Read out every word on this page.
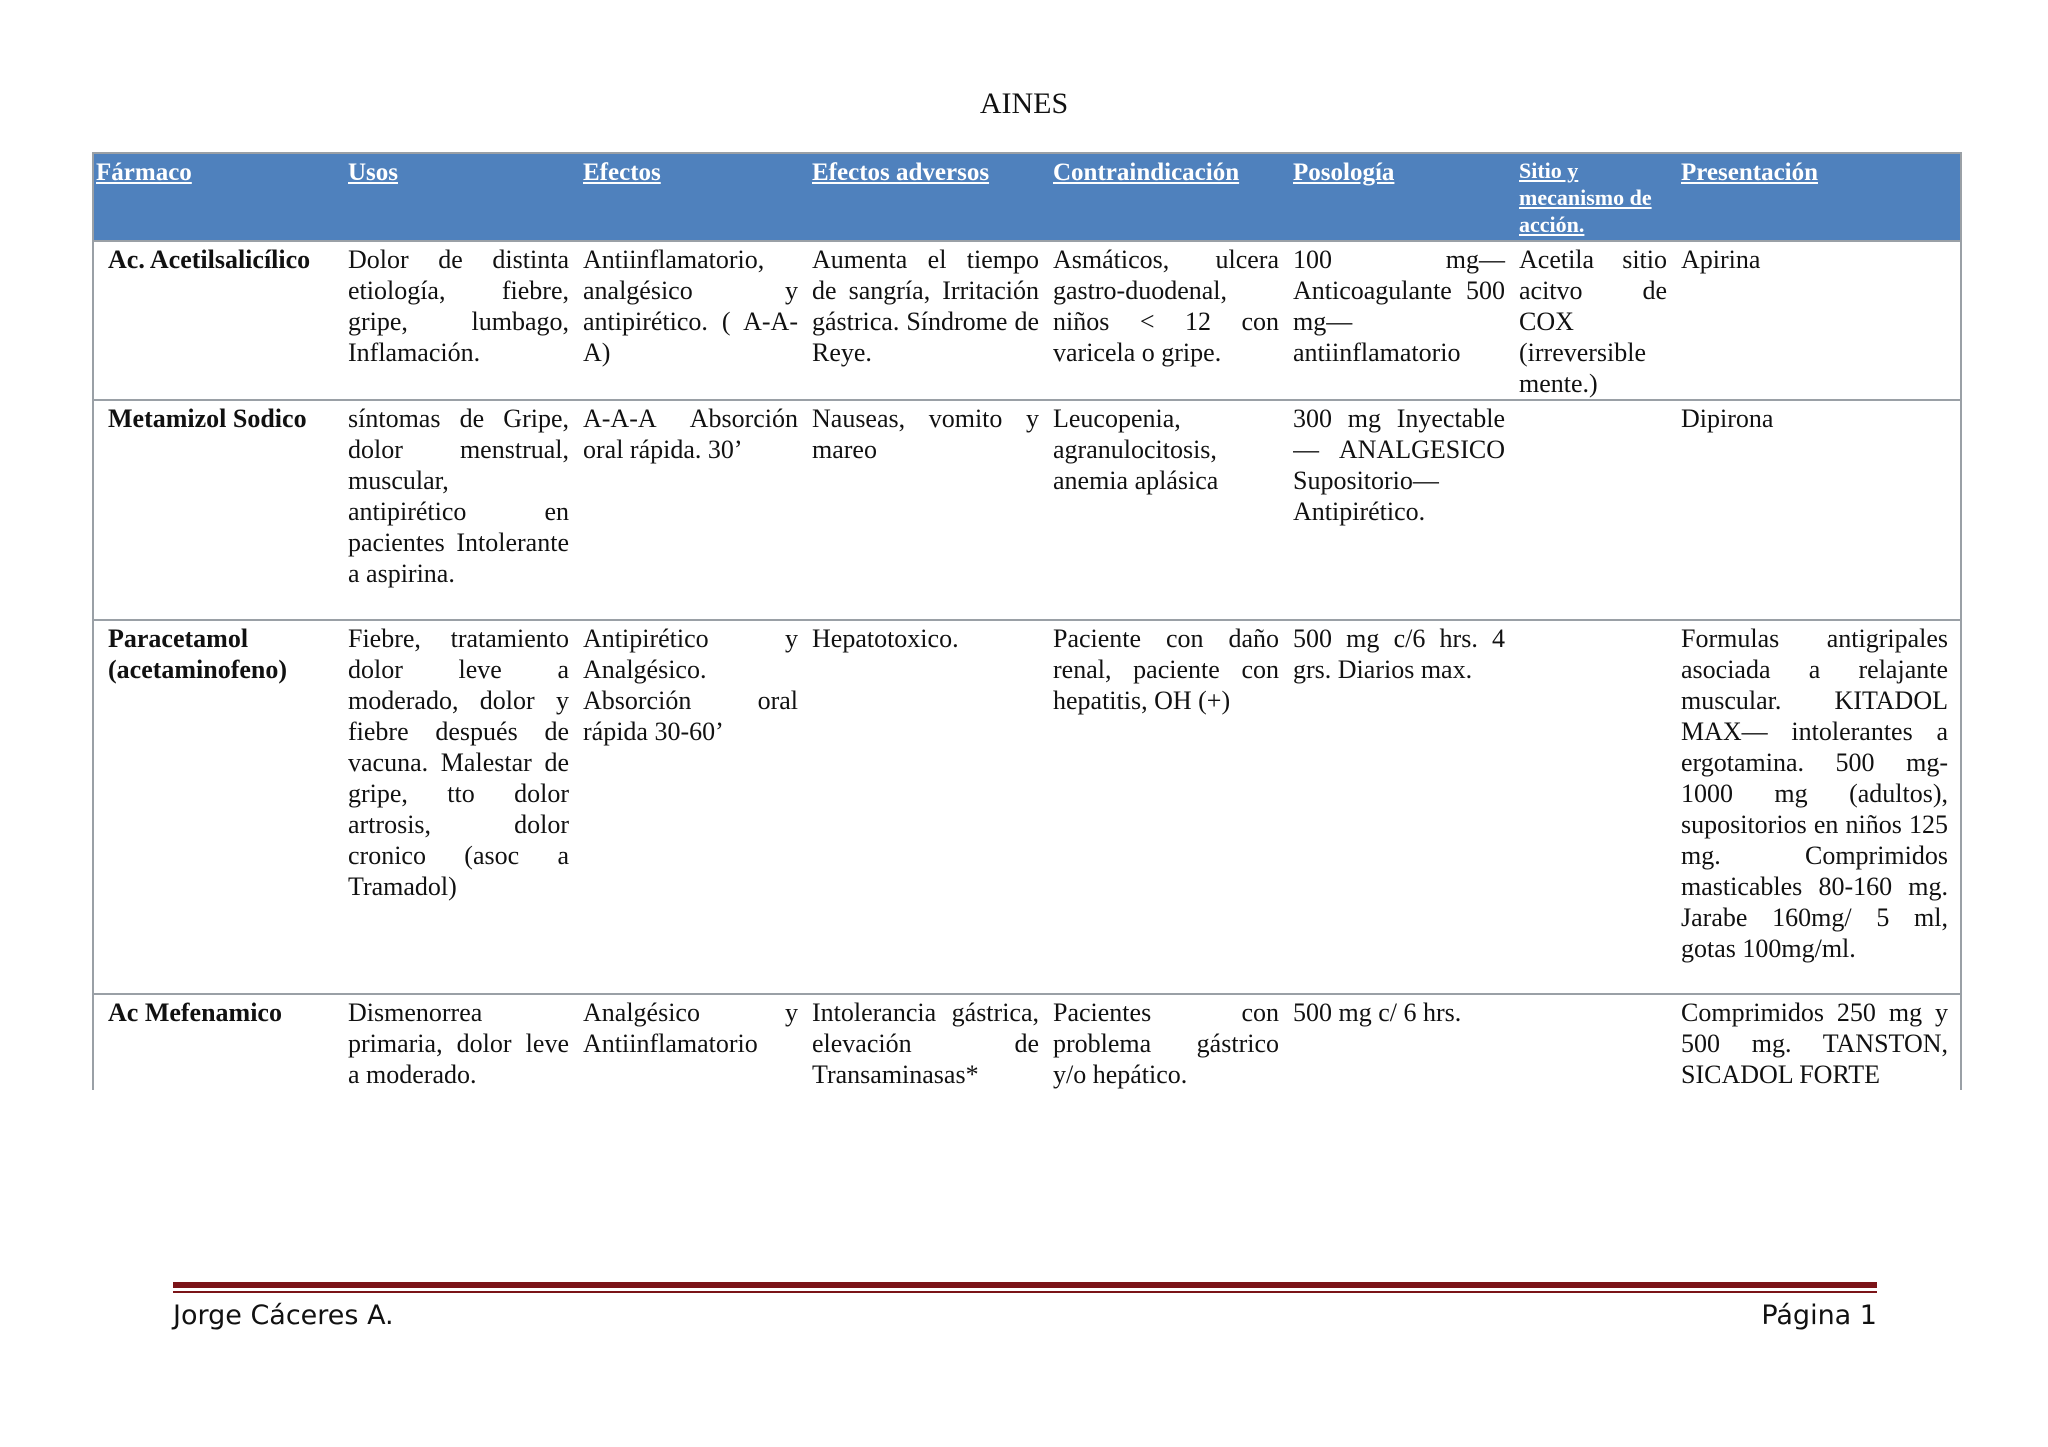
AINES
Fármaco	Usos	Efectos	Efectos adversos	Contraindicación	Posología	Sitio y mecanismo de acción.	Presentación
Ac. Acetilsalicílico	Dolor de distinta etiología, fiebre, gripe, lumbago, Inflamación.	Antiinflamatorio, analgésico y antipirético. ( A-A-A)	Aumenta el tiempo de sangría, Irritación gástrica. Síndrome de Reye.	Asmáticos, ulcera gastro-duodenal, niños < 12 con varicela o gripe.	100 mg— Anticoagulante 500 mg— antiinflamatorio	Acetila sitio acitvo de COX (irreversible mente.)	Apirina
Metamizol Sodico	síntomas de Gripe, dolor menstrual, muscular, antipirético en pacientes Intolerante a aspirina.	A-A-A Absorción oral rápida. 30’	Nauseas, vomito y mareo	Leucopenia, agranulocitosis, anemia aplásica	300 mg Inyectable— ANALGESICO Supositorio— Antipirético.		Dipirona
Paracetamol (acetaminofeno)	Fiebre, tratamiento dolor leve a moderado, dolor y fiebre después de vacuna. Malestar de gripe, tto dolor artrosis, dolor cronico (asoc a Tramadol)	Antipirético y Analgésico. Absorción oral rápida 30-60’	Hepatotoxico.	Paciente con daño renal, paciente con hepatitis, OH (+)	500 mg c/6 hrs. 4 grs. Diarios max.		Formulas antigripales asociada a relajante muscular. KITADOL MAX— intolerantes a ergotamina. 500 mg-1000 mg (adultos), supositorios en niños 125 mg. Comprimidos masticables 80-160 mg. Jarabe 160mg/ 5 ml, gotas 100mg/ml.
Ac Mefenamico	Dismenorrea primaria, dolor leve a moderado.	Analgésico y Antiinflamatorio	Intolerancia gástrica, elevación de Transaminasas*	Pacientes con problema gástrico y/o hepático.	500 mg c/ 6 hrs.		Comprimidos 250 mg y 500 mg. TANSTON, SICADOL FORTE
Jorge Cáceres A.	Página 1
